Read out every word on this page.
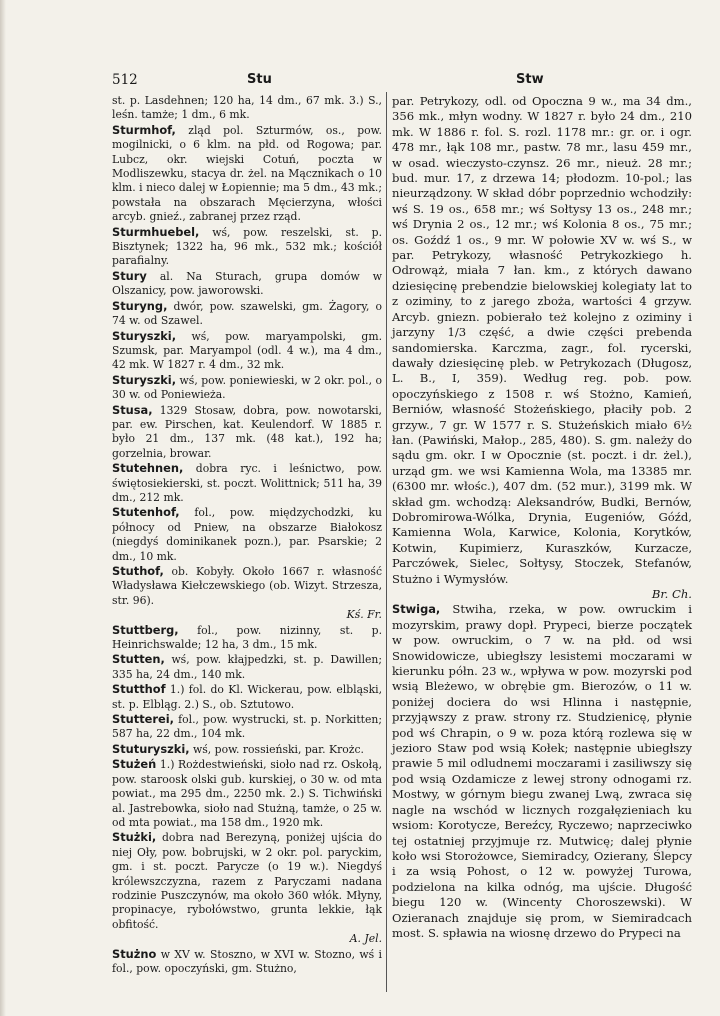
512	Stu	Stw

st. p. Lasdehnen; 120 ha, 14 dm., 67 mk. 3.) S., leśn. tamże; 1 dm., 6 mk.

Sturmhof, zląd pol. Szturmów, os., pow. mogilnicki, o 6 klm. na płd. od Rogowa; par. Lubcz, okr. wiejski Cotuń, poczta w Modliszewku, stacya dr. żel. na Mącznikach o 10 klm. i nieco dalej w Łopiennie; ma 5 dm., 43 mk.; powstała na obszarach Męcierzyna, włości arcyb. gnieź., zabranej przez rząd.

Sturmhuebel, wś, pow. reszelski, st. p. Bisztynek; 1322 ha, 96 mk., 532 mk.; kościół parafialny.

Stury al. Na Sturach, grupa domów w Olszanicy, pow. jaworowski.

Sturyng, dwór, pow. szawelski, gm. Żagory, o 74 w. od Szawel.

Sturyszki, wś, pow. maryampolski, gm. Szumsk, par. Maryampol (odl. 4 w.), ma 4 dm., 42 mk. W 1827 r. 4 dm., 32 mk.

Sturyszki, wś, pow. poniewieski, w 2 okr. pol., o 30 w. od Poniewieża.

Stusa, 1329 Stosaw, dobra, pow. nowotarski, par. ew. Pirschen, kat. Keulendorf. W 1885 r. było 21 dm., 137 mk. (48 kat.), 192 ha; gorzelnia, browar.

Stutehnen, dobra ryc. i leśnictwo, pow. świętosiekierski, st. poczt. Wolittnick; 511 ha, 39 dm., 212 mk.

Stutenhof, fol., pow. międzychodzki, ku północy od Pniew, na obszarze Białokosz (niegdyś dominikanek pozn.), par. Psarskie; 2 dm., 10 mk.

Stuthof, ob. Kobyły. Około 1667 r. własność Władysława Kiełczewskiego (ob. Wizyt. Strzesza, str. 96).
Kś. Fr.

Stuttberg, fol., pow. nizinny, st. p. Heinrichswalde; 12 ha, 3 dm., 15 mk.

Stutten, wś, pow. kłajpedzki, st. p. Dawillen; 335 ha, 24 dm., 140 mk.

Stutthof 1.) fol. do Kl. Wickerau, pow. elbląski, st. p. Elbląg. 2.) S., ob. Sztutowo.

Stutterei, fol., pow. wystrucki, st. p. Norkitten; 587 ha, 22 dm., 104 mk.

Stuturyszki, wś, pow. rossieński, par. Krożc.

Stużeń 1.) Rożdestwieński, sioło nad rz. Oskołą, pow. staroosk olski gub. kurskiej, o 30 w. od mta powiat., ma 295 dm., 2250 mk. 2.) S. Tichwiński al. Jastrebowka, sioło nad Stużną, tamże, o 25 w. od mta powiat., ma 158 dm., 1920 mk.

Stużki, dobra nad Berezyną, poniżej ujścia do niej Oły, pow. bobrujski, w 2 okr. pol. paryckim, gm. i st. poczt. Parycze (o 19 w.). Niegdyś królewszczyzna, razem z Paryczami nadana rodzinie Puszczynów, ma około 360 włók. Młyny, propinacye, rybołówstwo, grunta lekkie, łąk obfitość.
A. Jel.

Stużno w XV w. Stoszno, w XVI w. Stozno, wś i fol., pow. opoczyński, gm. Stużno,

par. Petrykozy, odl. od Opoczna 9 w., ma 34 dm., 356 mk., młyn wodny. W 1827 r. było 24 dm., 210 mk. W 1886 r. fol. S. rozl. 1178 mr.: gr. or. i ogr. 478 mr., łąk 108 mr., pastw. 78 mr., lasu 459 mr., w osad. wieczysto-czynsz. 26 mr., nieuż. 28 mr.; bud. mur. 17, z drzewa 14; płodozm. 10-pol.; las nieurządzony. W skład dóbr poprzednio wchodziły: wś S. 19 os., 658 mr.; wś Sołtysy 13 os., 248 mr.; wś Drynia 2 os., 12 mr.; wś Kolonia 8 os., 75 mr.; os. Goźdź 1 os., 9 mr. W połowie XV w. wś S., w par. Petrykozy, własność Petrykozkiego h. Odrowąż, miała 7 łan. km., z których dawano dziesięcinę prebendzie bielowskiej kolegiaty lat to z oziminy, to z jarego zboża, wartości 4 grzyw. Arcyb. gniezn. pobierało też kolejno z oziminy i jarzyny 1/3 część, a dwie części prebenda sandomierska. Karczma, zagr., fol. rycerski, dawały dziesięcinę pleb. w Petrykozach (Długosz, L. B., I, 359). Według reg. pob. pow. opoczyńskiego z 1508 r. wś Stożno, Kamień, Berniów, własność Stożeńskiego, płaciły pob. 2 grzyw., 7 gr. W 1577 r. S. Stużeńskich miało 6½ łan. (Pawiński, Małop., 285, 480). S. gm. należy do sądu gm. okr. I w Opocznie (st. poczt. i dr. żel.), urząd gm. we wsi Kamienna Wola, ma 13385 mr. (6300 mr. włośc.), 407 dm. (52 mur.), 3199 mk. W skład gm. wchodzą: Aleksandrów, Budki, Bernów, Dobromirowa-Wólka, Drynia, Eugeniów, Góźd, Kamienna Wola, Karwice, Kolonia, Korytków, Kotwin, Kupimierz, Kuraszków, Kurzacze, Parczówek, Sielec, Sołtysy, Stoczek, Stefanów, Stużno i Wymysłów.
Br. Ch.

Stwiga, Stwiha, rzeka, w pow. owruckim i mozyrskim, prawy dopł. Prypeci, bierze początek w pow. owruckim, o 7 w. na płd. od wsi Snowidowicze, ubiegłszy lesistemi moczarami w kierunku półn. 23 w., wpływa w pow. mozyrski pod wsią Bleżewo, w obrębie gm. Bierozów, o 11 w. poniżej dociera do wsi Hlinna i następnie, przyjąwszy z praw. strony rz. Studzienicę, płynie pod wś Chrapin, o 9 w. poza którą rozlewa się w jezioro Staw pod wsią Kołek; następnie ubiegłszy prawie 5 mil odludnemi moczarami i zasiliwszy się pod wsią Ozdamicze z lewej strony odnogami rz. Mostwy, w górnym biegu zwanej Lwą, zwraca się nagle na wschód w licznych rozgałęzieniach ku wsiom: Korotycze, Bereźcy, Ryczewo; naprzeciwko tej ostatniej przyjmuje rz. Mutwicę; dalej płynie koło wsi Storożowce, Siemiradcy, Ozierany, Ślepcy i za wsią Pohost, o 12 w. powyżej Turowa, podzielona na kilka odnóg, ma ujście. Długość biegu 120 w. (Wincenty Choroszewski). W Ozieranach znajduje się prom, w Siemiradcach most. S. spławia na wiosnę drzewo do Prypeci na
